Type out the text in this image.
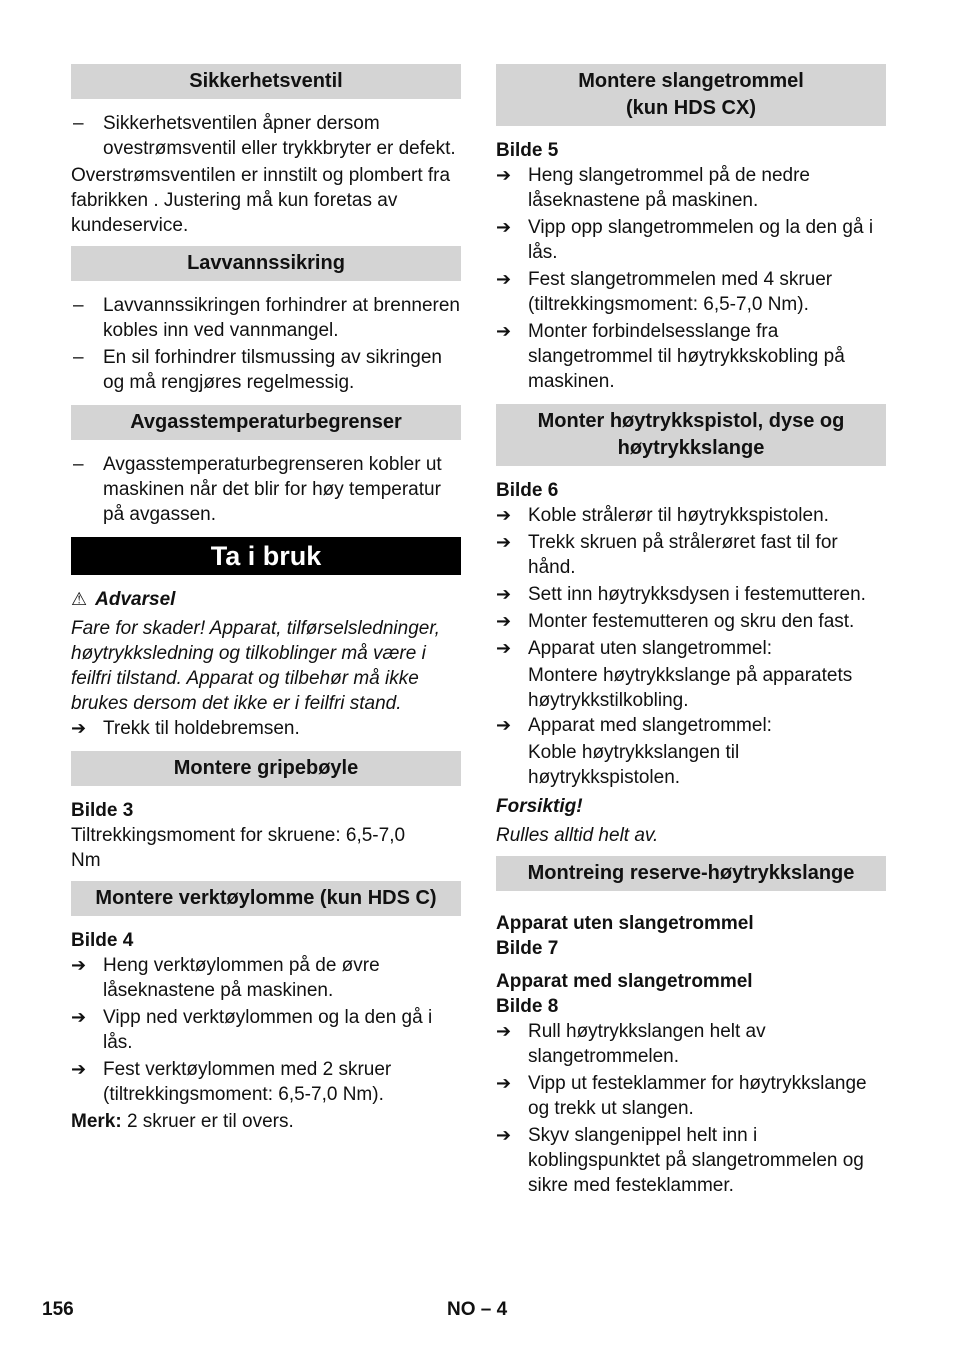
Sikkerhetsventil
–	Sikkerhetsventilen åpner dersom ovestrømsventil eller trykkbryter er defekt.

Overstrømsventilen er innstilt og plombert fra fabrikken . Justering må kun foretas av kundeservice.

Lavvannssikring
–	Lavvannssikringen forhindrer at brenneren kobles inn ved vannmangel.
–	En sil forhindrer tilsmussing av sikringen og må rengjøres regelmessig.
Avgasstemperaturbegrenser
–	Avgasstemperaturbegrenseren kobler ut maskinen når det blir for høy temperatur på avgassen.
Ta i bruk
⚠ Advarsel

Fare for skader! Apparat, tilførselsledninger, høytrykksledning og tilkoblinger må være i feilfri tilstand. Apparat og tilbehør må ikke brukes dersom det ikke er i feilfri stand.

➔ Trekk til holdebremsen.
Montere gripebøyle

Bilde 3

Tiltrekkingsmoment for skruene: 6,5-7,0 Nm

Montere verktøylomme (kun HDS C)

Bilde 4

➔ Heng verktøylommen på de øvre låseknastene på maskinen.
➔ Vipp ned verktøylommen og la den gå i lås.
➔ Fest verktøylommen med 2 skruer (tiltrekkingsmoment: 6,5-7,0 Nm).

Merk: 2 skruer er til overs.

Montere slangetrommel
(kun HDS CX)

Bilde 5

➔ Heng slangetrommel på de nedre låseknastene på maskinen.
➔ Vipp opp slangetrommelen og la den gå i lås.
➔ Fest slangetrommelen med 4 skruer (tiltrekkingsmoment: 6,5-7,0 Nm).
➔ Monter forbindelsesslange fra slangetrommel til høytrykkskobling på maskinen.
Monter høytrykkspistol, dyse og høytrykkslange

Bilde 6

➔ Koble strålerør til høytrykkspistolen.
➔ Trekk skruen på strålerøret fast til for hånd.
➔ Sett inn høytrykksdysen i festemutteren.
➔ Monter festemutteren og skru den fast.
➔ Apparat uten slangetrommel:

Montere høytrykkslange på apparatets høytrykkstilkobling.

➔ Apparat med slangetrommel:

Koble høytrykkslangen til høytrykkspistolen.

Forsiktig!

Rulles alltid helt av.

Montreing reserve-høytrykkslange

Apparat uten slangetrommel

Bilde 7

Apparat med slangetrommel

Bilde 8

➔ Rull høytrykkslangen helt av slangetrommelen.
➔ Vipp ut festeklammer for høytrykkslange og trekk ut slangen.
➔ Skyv slangenippel helt inn i koblingspunktet på slangetrommelen og sikre med festeklammer.
156	NO – 4
